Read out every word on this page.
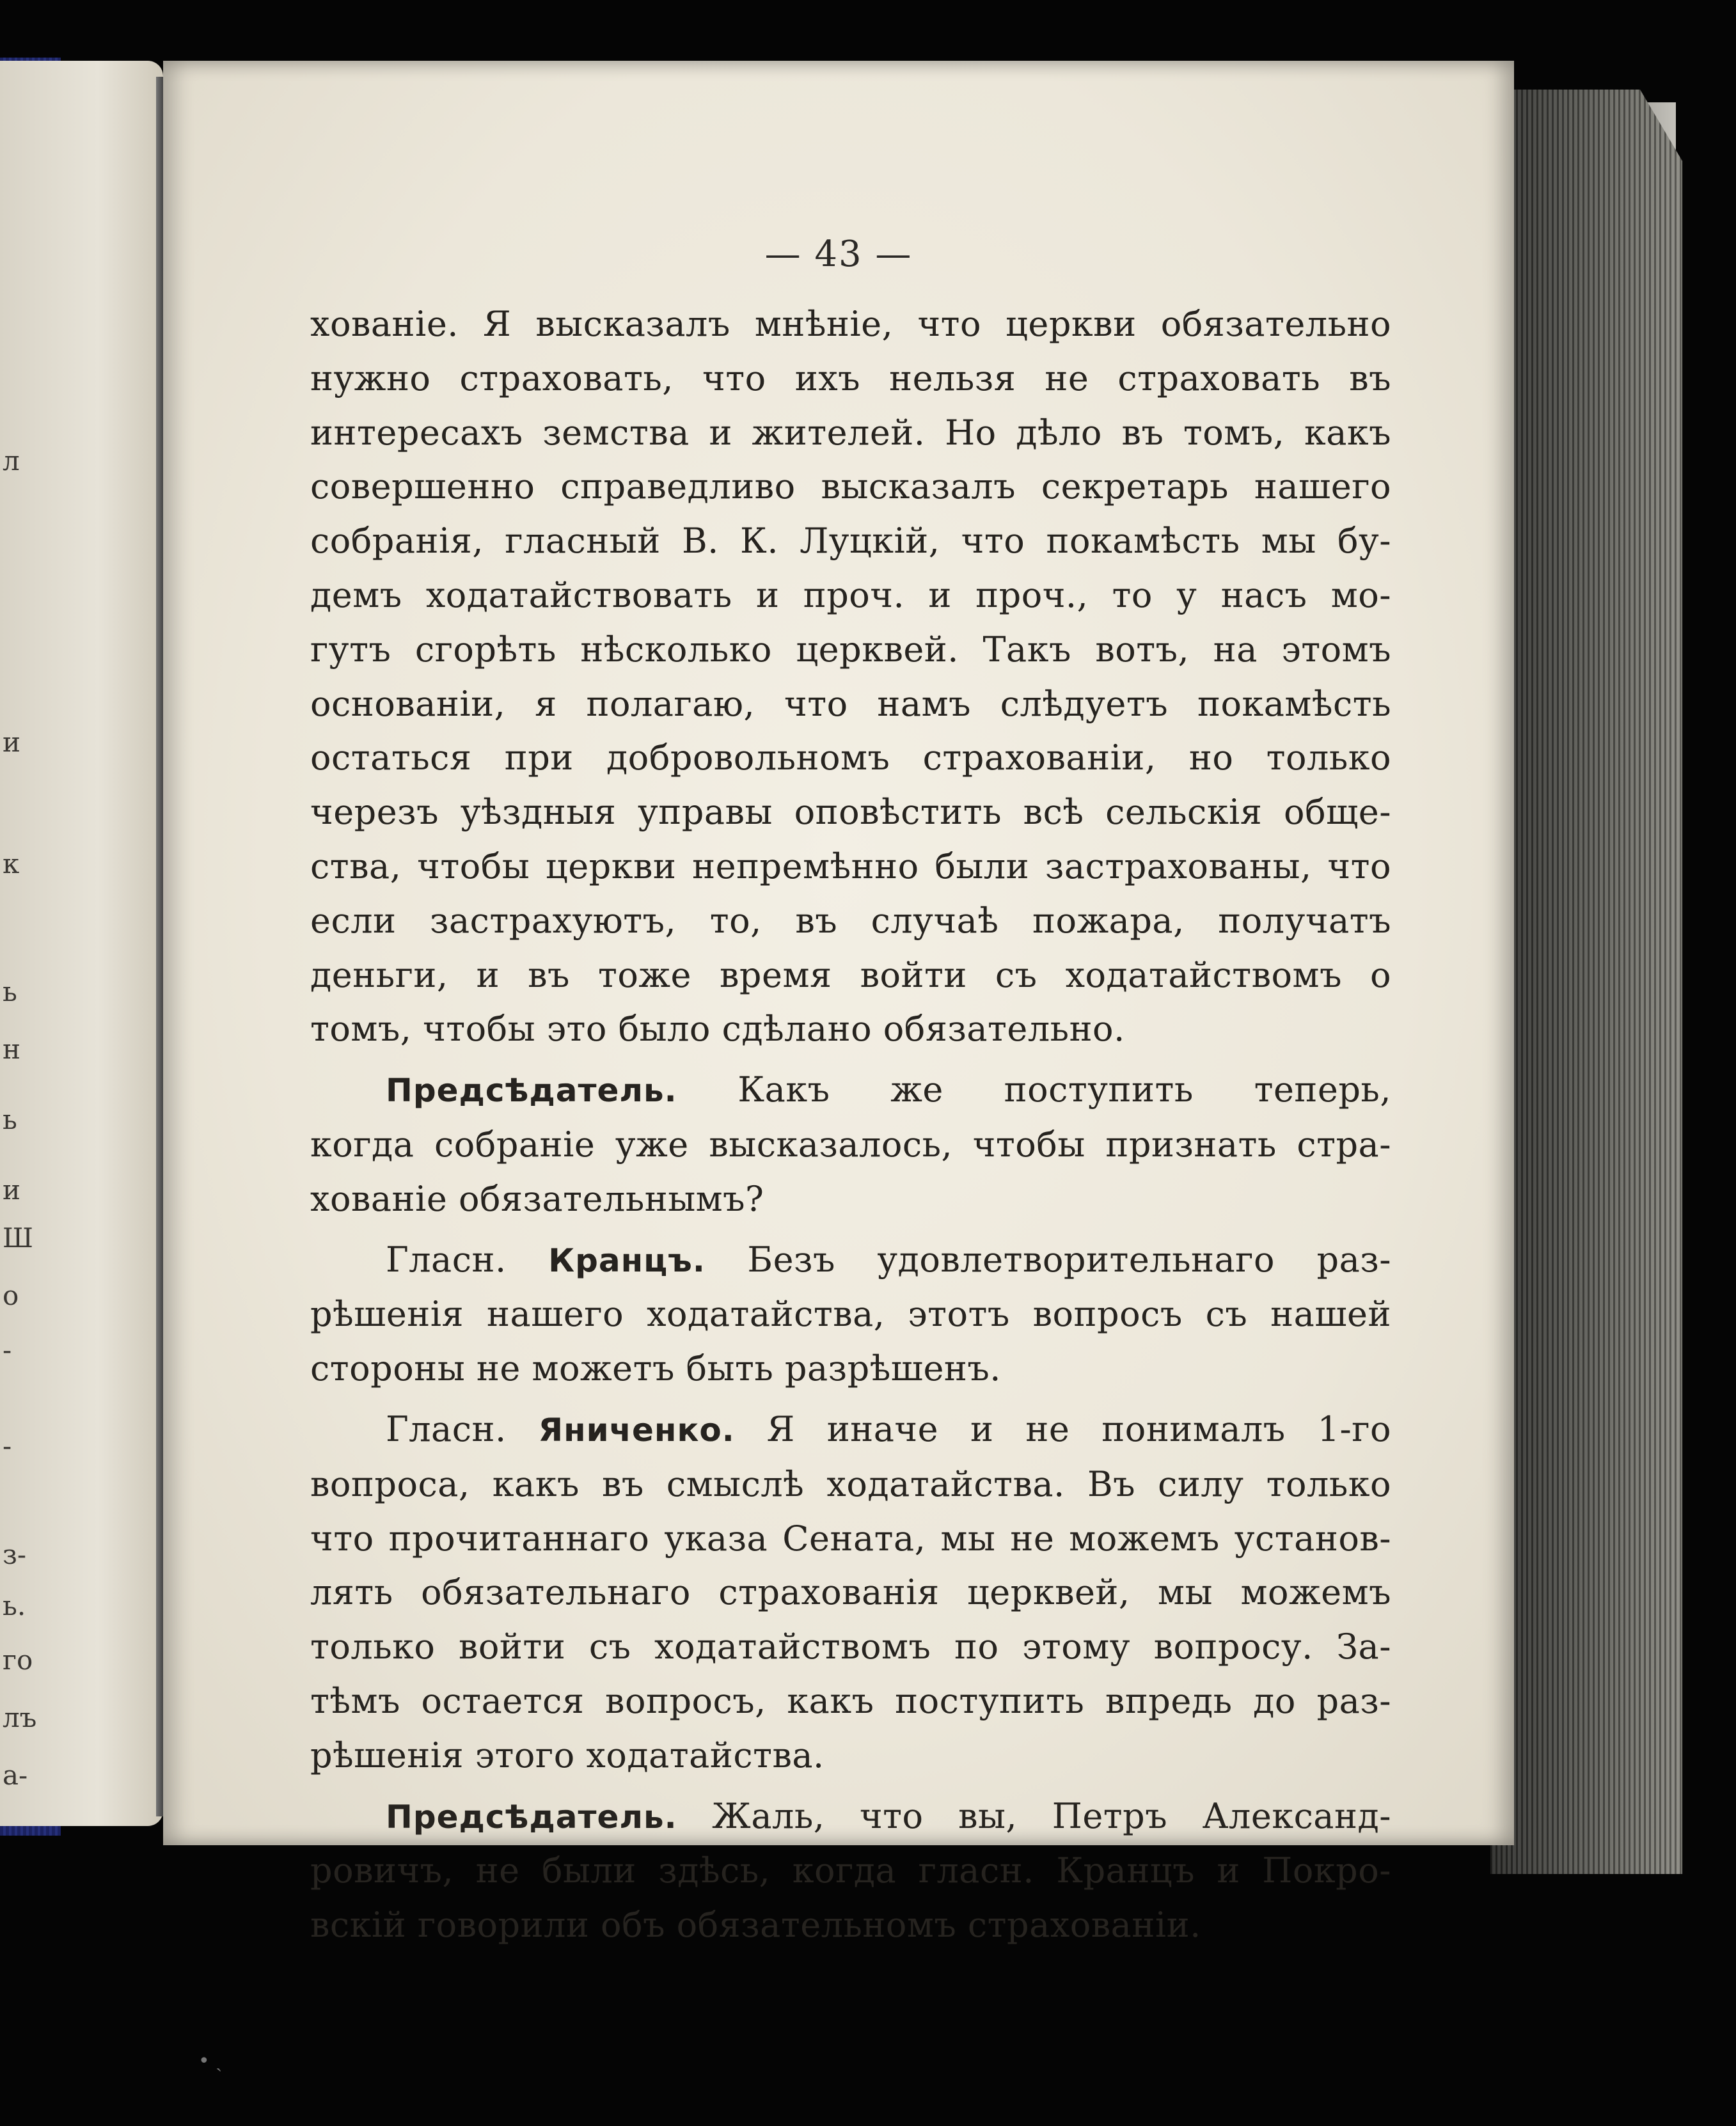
л
и
к
ь
н
ь
и
Ш
о
-
-
з-
ь.
го
лъ
а-
— 43 —
хованіе. Я высказалъ мнѣніе, что церкви обязательно
нужно страховать, что ихъ нельзя не страховать въ
интересахъ земства и жителей. Но дѣло въ томъ, какъ
совершенно справедливо высказалъ секретарь нашего
собранія, гласный В. К. Луцкій, что покамѣсть мы бу-
демъ ходатайствовать и проч. и проч., то у насъ мо-
гутъ сгорѣть нѣсколько церквей. Такъ вотъ, на этомъ
основаніи, я полагаю, что намъ слѣдуетъ покамѣсть
остаться при добровольномъ страхованіи, но только
черезъ уѣздныя управы оповѣстить всѣ сельскія обще-
ства, чтобы церкви непремѣнно были застрахованы, что
если застрахуютъ, то, въ случаѣ пожара, получатъ
деньги, и въ тоже время войти съ ходатайствомъ о
томъ, чтобы это было сдѣлано обязательно.
Предсѣдатель. Какъ же поступить теперь,
когда собраніе уже высказалось, чтобы признать стра-
хованіе обязательнымъ?
Гласн. Кранцъ. Безъ удовлетворительнаго раз-
рѣшенія нашего ходатайства, этотъ вопросъ съ нашей
стороны не можетъ быть разрѣшенъ.
Гласн. Яниченко. Я иначе и не понималъ 1-го
вопроса, какъ въ смыслѣ ходатайства. Въ силу только
что прочитаннаго указа Сената, мы не можемъ установ-
лять обязательнаго страхованія церквей, мы можемъ
только войти съ ходатайствомъ по этому вопросу. За-
тѣмъ остается вопросъ, какъ поступить впредь до раз-
рѣшенія этого ходатайства.
Предсѣдатель. Жаль, что вы, Петръ Александ-
ровичъ, не были здѣсь, когда гласн. Кранцъ и Покро-
вскій говорили объ обязательномъ страхованіи.
• ˎ
